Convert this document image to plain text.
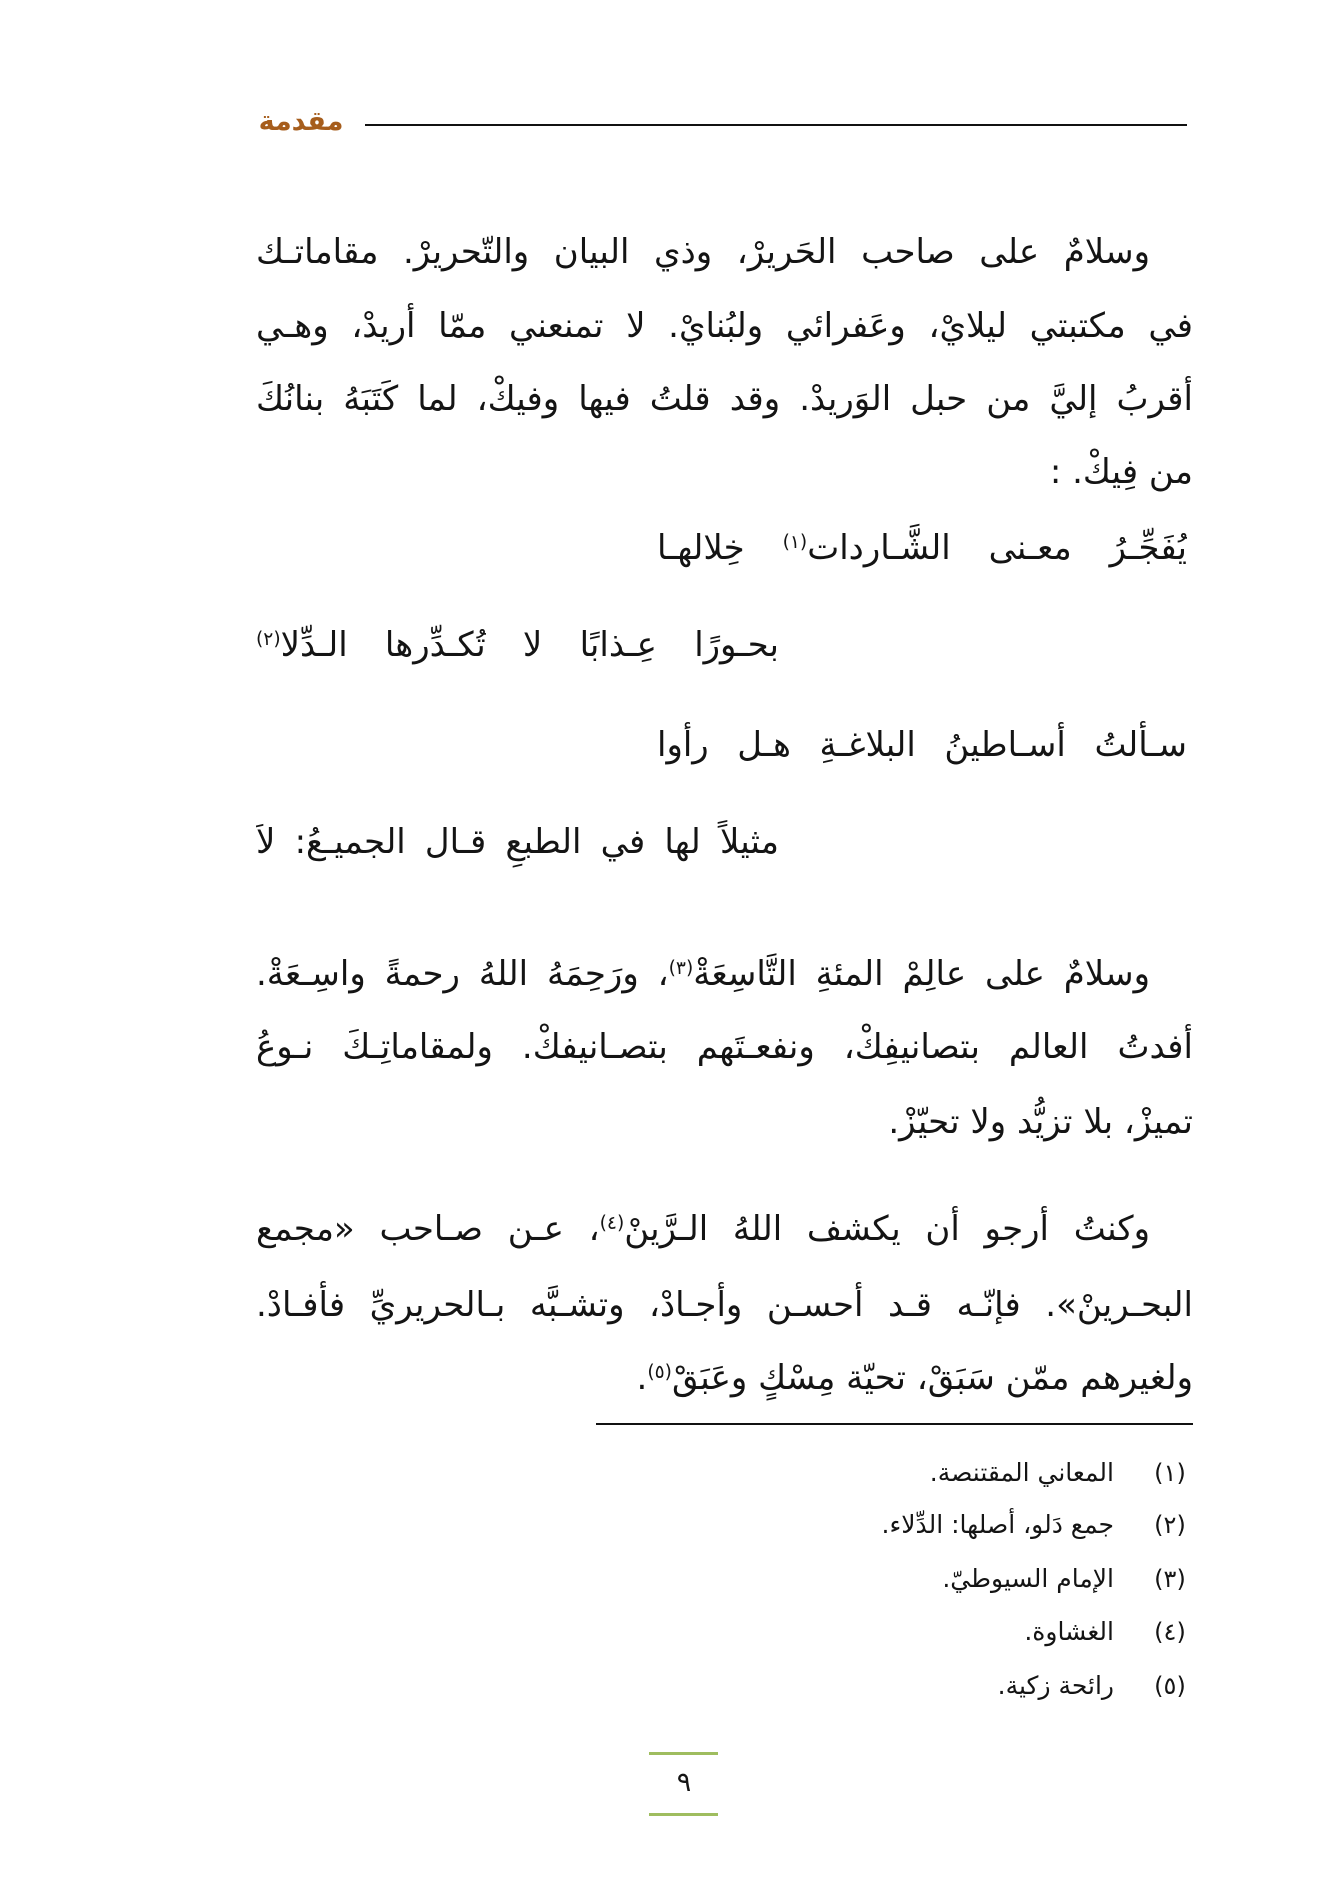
مقدمة
وسلامٌ على صاحب الحَريرْ، وذي البيان والتّحريرْ. مقاماتـك
في مكتبتي ليلايْ، وعَفرائي ولبُنايْ. لا تمنعني ممّا أريدْ، وهـي
أقربُ إليَّ من حبل الوَريدْ. وقد قلتُ فيها وفيكْ، لما كَتَبَهُ بنانُكَ
من فِيكْ. :
يُفَجِّـرُ معـنى الشَّـاردات$^{(١)}$ خِلالهـا
بحـورًا عِـذابًا لا تُكـدِّرها الـدِّلا$^{(٢)}$
سـألتُ أسـاطينُ البلاغـةِ هـل رأوا
مثيلاً لها في الطبعِ قـال الجميـعُ: لاَ
وسلامٌ على عالِمْ المئةِ التَّاسِعَةْ$^{(٣)}$، ورَحِمَهُ اللهُ رحمةً واسِـعَةْ.
أفدتُ العالم بتصانيفِكْ، ونفعـتَهم بتصـانيفكْ. ولمقاماتِـكَ نـوعُ
تميزْ، بلا تزيُّد ولا تحيّزْ.
وكنتُ أرجو أن يكشف اللهُ الـرَّينْ$^{(٤)}$، عـن صـاحب «مجمع
البحـرينْ». فإنّـه قـد أحسـن وأجـادْ، وتشـبَّه بـالحريريِّ فأفـادْ.
ولغيرهم ممّن سَبَقْ، تحيّة مِسْكٍ وعَبَقْ$^{(٥)}$.
(١)
المعاني المقتنصة.
(٢)
جمع دَلو، أصلها: الدِّلاء.
(٣)
الإمام السيوطيّ.
(٤)
الغشاوة.
(٥)
رائحة زكية.
٩
